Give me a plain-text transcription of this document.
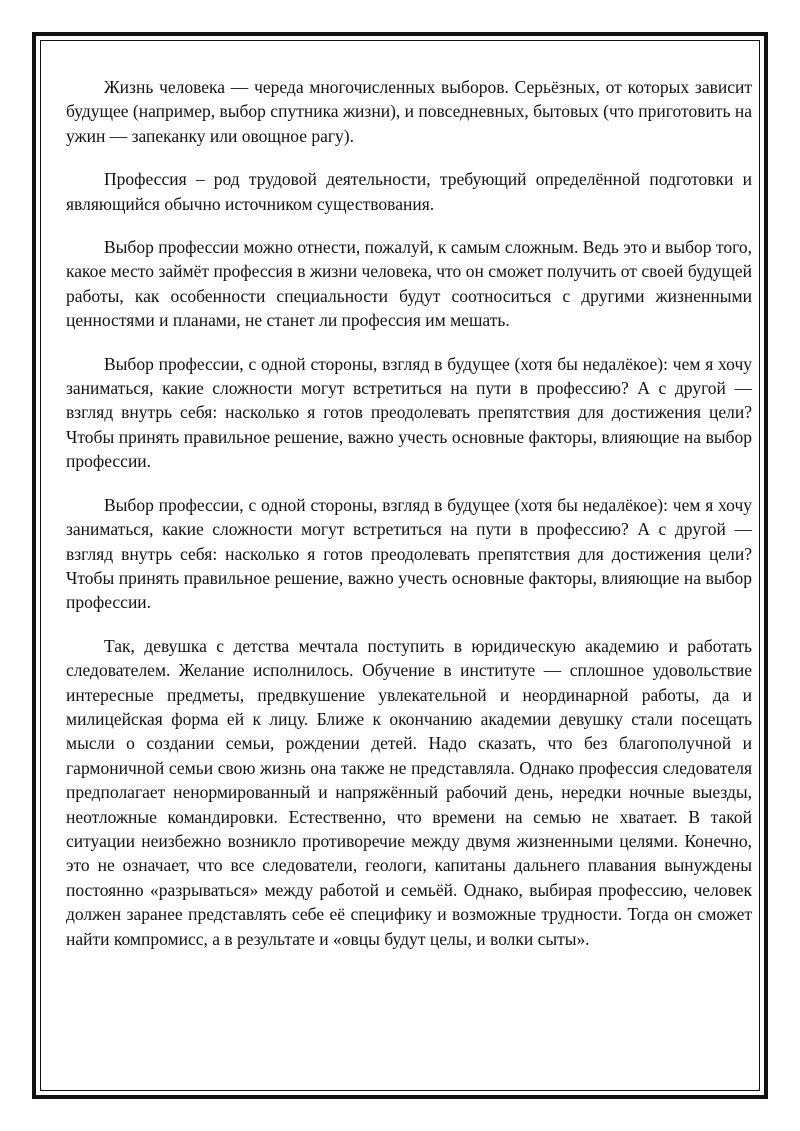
Жизнь человека — череда многочисленных выборов. Серьёзных, от которых зависит будущее (например, выбор спутника жизни), и повседневных, бытовых (что приготовить на ужин — запеканку или овощное рагу).

Профессия – род трудовой деятельности, требующий определённой подготовки и являющийся обычно источником существования.

Выбор профессии можно отнести, пожалуй, к самым сложным. Ведь это и выбор того, какое место займёт профессия в жизни человека, что он сможет получить от своей будущей работы, как особенности специальности будут соотноситься с другими жизненными ценностями и планами, не станет ли профессия им мешать.

Выбор профессии, с одной стороны, взгляд в будущее (хотя бы недалёкое): чем я хочу заниматься, какие сложности могут встретиться на пути в профессию? А с другой — взгляд внутрь себя: насколько я готов преодолевать препятствия для достижения цели? Чтобы принять правильное решение, важно учесть основные факторы, влияющие на выбор профессии.

Выбор профессии, с одной стороны, взгляд в будущее (хотя бы недалёкое): чем я хочу заниматься, какие сложности могут встретиться на пути в профессию? А с другой — взгляд внутрь себя: насколько я готов преодолевать препятствия для достижения цели? Чтобы принять правильное решение, важно учесть основные факторы, влияющие на выбор профессии.

Так, девушка с детства мечтала поступить в юридическую академию и работать следователем. Желание исполнилось. Обучение в институте — сплошное удовольствие интересные предметы, предвкушение увлекательной и неординарной работы, да и милицейская форма ей к лицу. Ближе к окончанию академии девушку стали посещать мысли о создании семьи, рождении детей. Надо сказать, что без благополучной и гармоничной семьи свою жизнь она также не представляла. Однако профессия следователя предполагает ненормированный и напряжённый рабочий день, нередки ночные выезды, неотложные командировки. Естественно, что времени на семью не хватает. В такой ситуации неизбежно возникло противоречие между двумя жизненными целями. Конечно, это не означает, что все следователи, геологи, капитаны дальнего плавания вынуждены постоянно «разрываться» между работой и семьёй. Однако, выбирая профессию, человек должен заранее представлять себе её специфику и возможные трудности. Тогда он сможет найти компромисс, а в результате и «овцы будут целы, и волки сыты».
